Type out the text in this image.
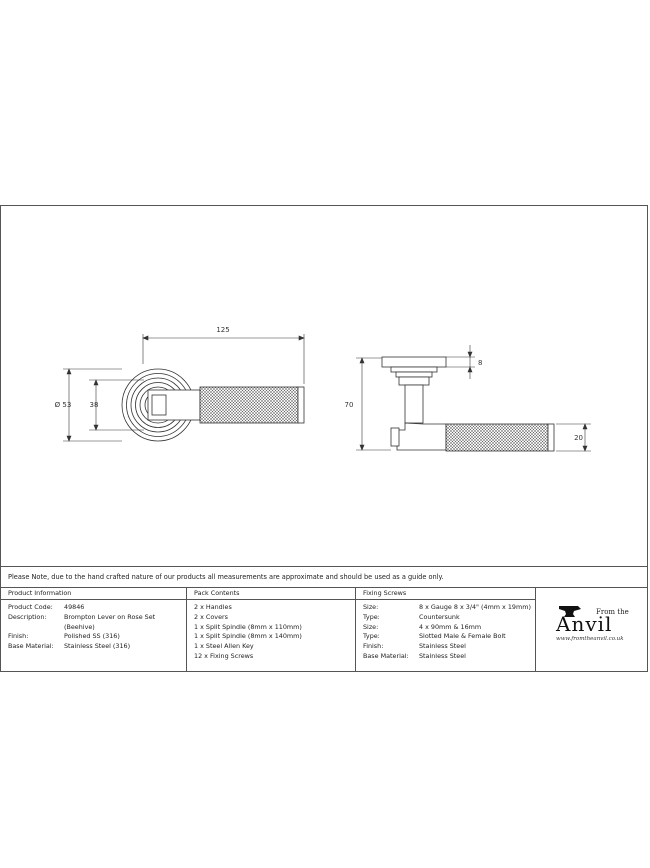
125
Ø 53	38	70
8
20
Please Note, due to the hand crafted nature of our products all measurements are approximate and should be used as a guide only.
Product Information
Product Code:	49846
Description:	Brompton Lever on Rose Set
(Beehive)
Finish:	Polished SS (316)
Base Material:	Stainless Steel (316)
Pack Contents
2 x Handles
2 x Covers
1 x Split Spindle (8mm x 110mm)
1 x Split Spindle (8mm x 140mm)
1 x Steel Allen Key
12 x Fixing Screws
Fixing Screws
Size:	8 x Gauge 8 x 3/4" (4mm x 19mm)
Type:	Countersunk
Size:	4 x 90mm & 16mm
Type:	Slotted Male & Female Bolt
Finish:	Stainless Steel
Base Material:	Stainless Steel
From the
Anvil
www.fromtheanvil.co.uk
